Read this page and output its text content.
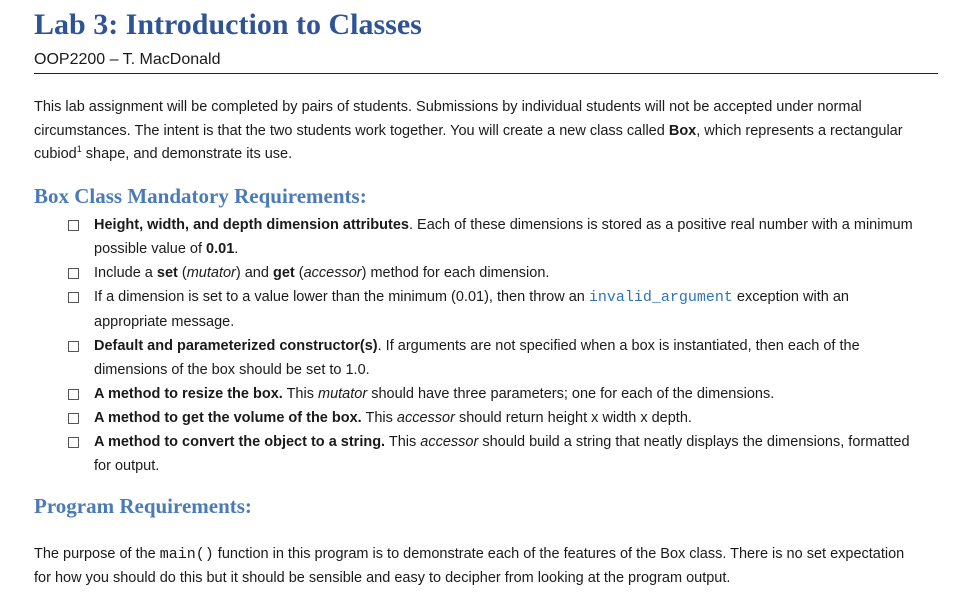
Lab 3: Introduction to Classes
OOP2200 – T. MacDonald

This lab assignment will be completed by pairs of students. Submissions by individual students will not be accepted under normal circumstances. The intent is that the two students work together. You will create a new class called Box, which represents a rectangular cubiod$^1$ shape, and demonstrate its use.

Box Class Mandatory Requirements:
Height, width, and depth dimension attributes. Each of these dimensions is stored as a positive real number with a minimum possible value of 0.01.
Include a set (mutator) and get (accessor) method for each dimension.
If a dimension is set to a value lower than the minimum (0.01), then throw an invalid_argument exception with an appropriate message.
Default and parameterized constructor(s). If arguments are not specified when a box is instantiated, then each of the dimensions of the box should be set to 1.0.
A method to resize the box. This mutator should have three parameters; one for each of the dimensions.
A method to get the volume of the box. This accessor should return height x width x depth.
A method to convert the object to a string. This accessor should build a string that neatly displays the dimensions, formatted for output.
Program Requirements:

The purpose of the main() function in this program is to demonstrate each of the features of the Box class. There is no set expectation for how you should do this but it should be sensible and easy to decipher from looking at the program output.
